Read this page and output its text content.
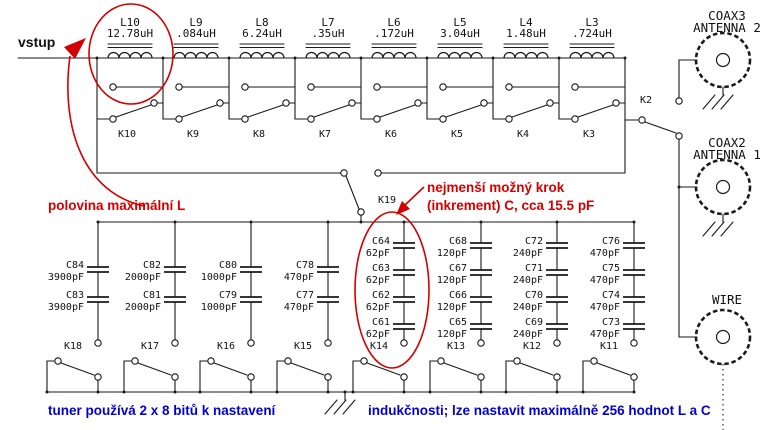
vstup
L10
12.78uH
K10
L9
.084uH
K9
L8
6.24uH
K8
L7
.35uH
K7
L6
.172uH
K6
L5
3.04uH
K5
L4
1.48uH
K4
L3
.724uH
K3
K19
K2
COAX3
ANTENNA 2
COAX2
ANTENNA 1
WIRE
C84
3900pF
C83
3900pF
K18
C82
2000pF
C81
2000pF
K17
C80
1000pF
C79
1000pF
K16
C78
470pF
C77
470pF
K15
C64
62pF
C63
62pF
C62
62pF
C61
62pF
K14
C68
120pF
C67
120pF
C66
120pF
C65
120pF
K13
C72
240pF
C71
240pF
C70
240pF
C69
240pF
K12
C76
470pF
C75
470pF
C74
470pF
C73
470pF
K11
polovina maximální L
nejmenší možný krok
(inkrement) C, cca 15.5 pF
tuner používá 2 x 8 bitů k nastavení	indukčnosti; lze nastavit maximálně 256 hodnot L a C
